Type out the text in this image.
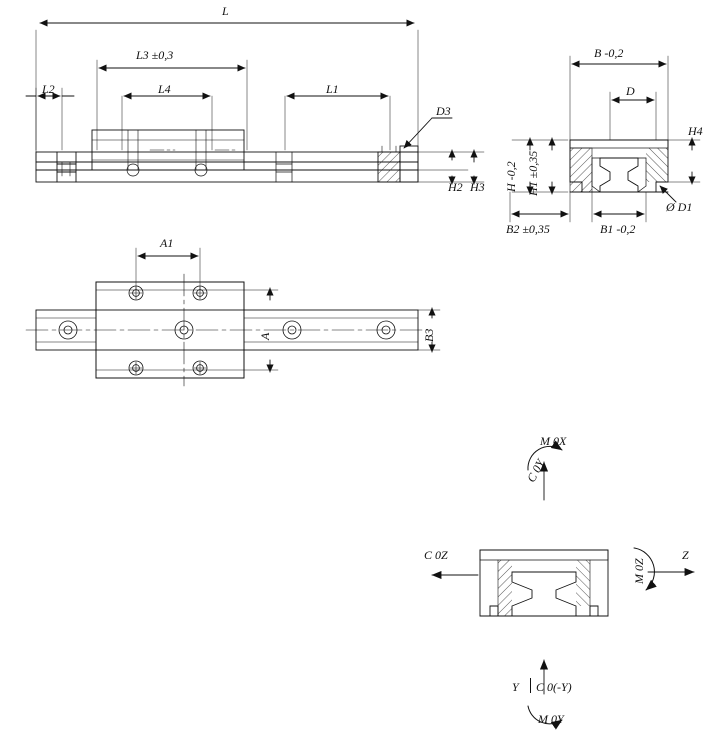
L
L3 ±0,3
L2	L4	L1
D3
H2 H3
B -0,2
D
H -0,2 H1 ±0,35
H4
Ø D1
B2 ±0,35	B1 -0,2
A1
A	B3
M 0X
C 0Y
C 0Z
M 0Z
Z
Y C 0(-Y)
M 0Y
